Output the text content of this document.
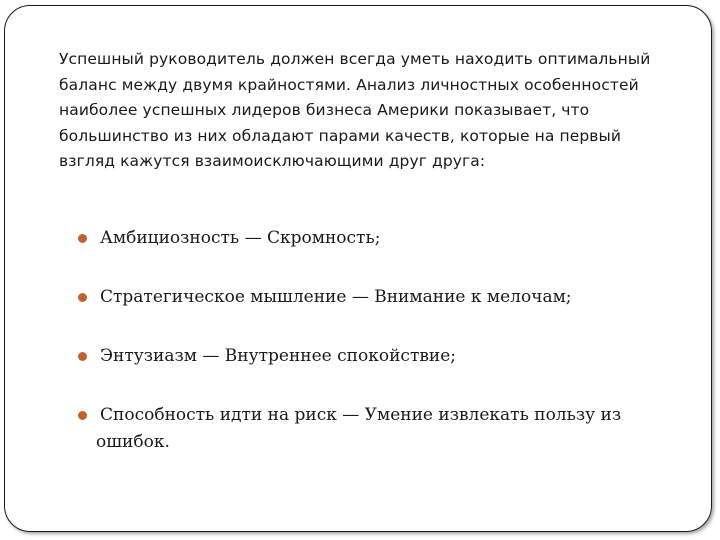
Успешный руководитель должен всегда уметь находить оптимальный
баланс между двумя крайностями. Анализ личностных особенностей
наиболее успешных лидеров бизнеса Америки показывает, что
большинство из них обладают парами качеств, которые на первый
взгляд кажутся взаимоисключающими друг друга:
Амбициозность — Скромность;
Стратегическое мышление — Внимание к мелочам;
Энтузиазм — Внутреннее спокойствие;
Способность идти на риск — Умение извлекать пользу из
ошибок.
